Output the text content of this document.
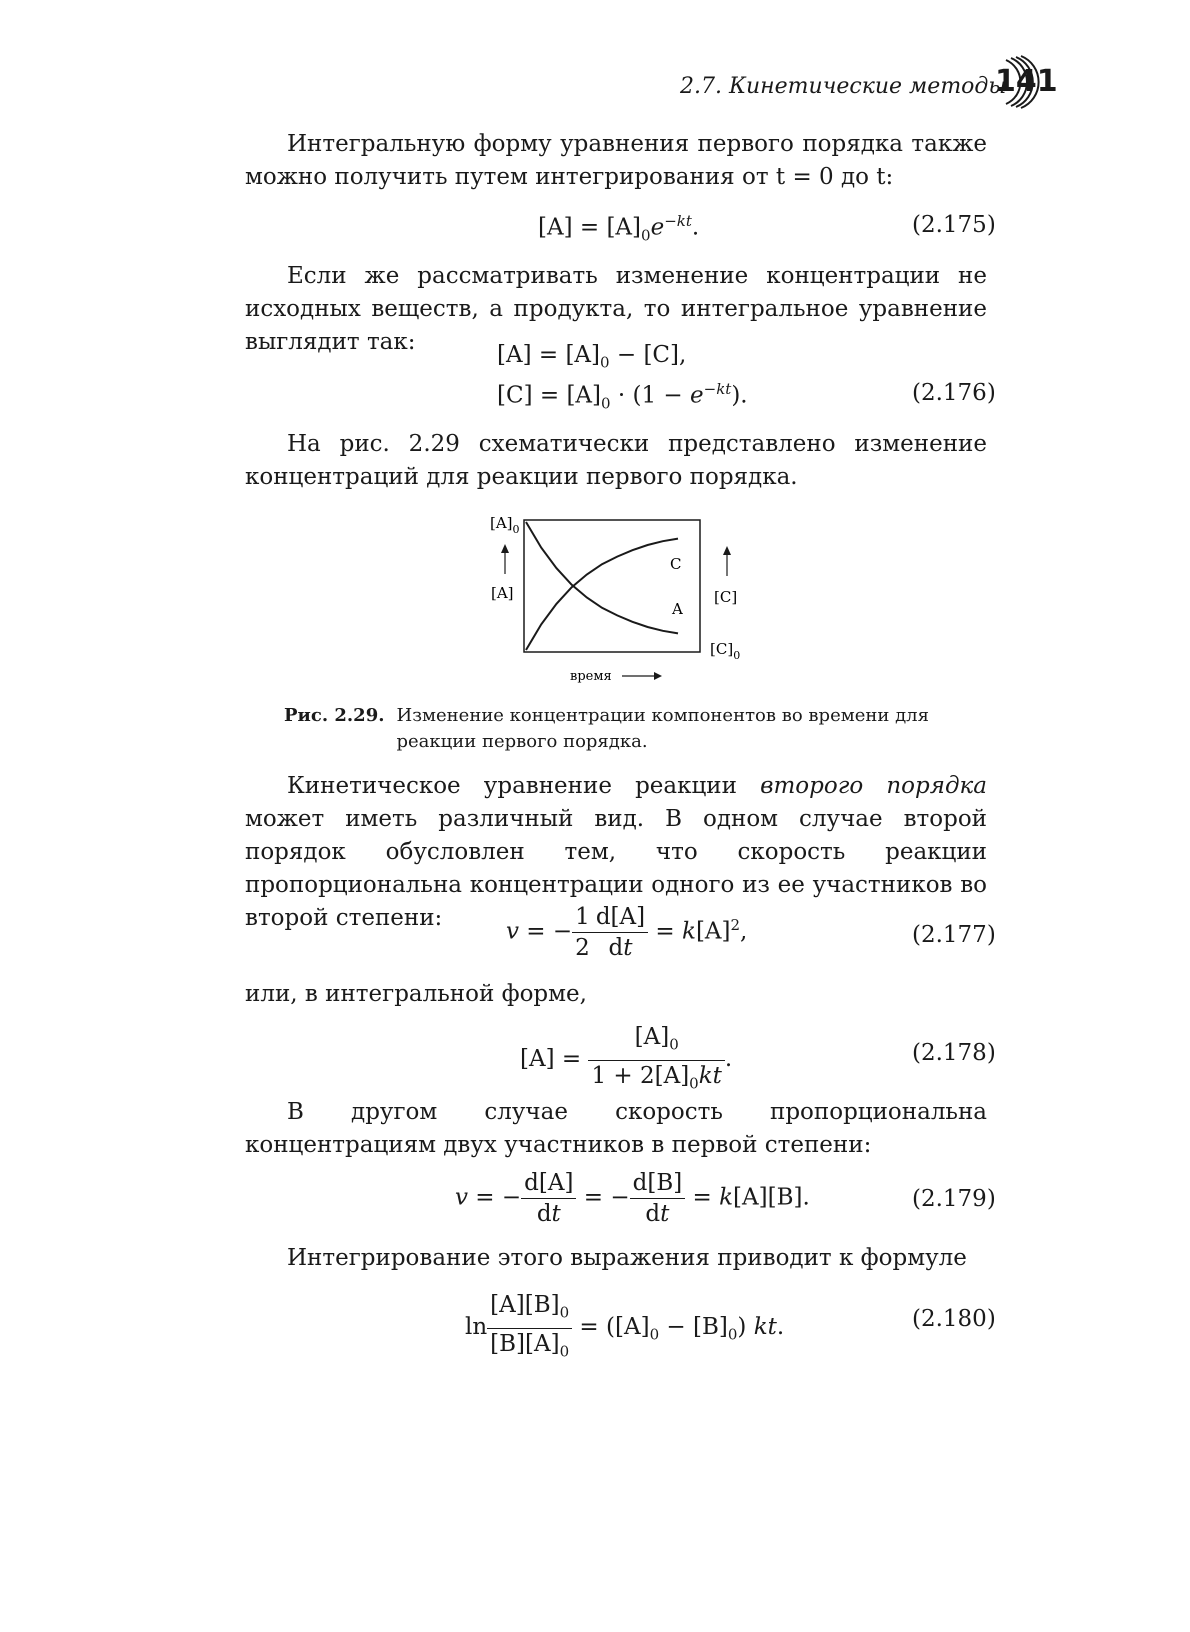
2.7. Кинетические методы
141
Интегральную форму уравнения первого порядка также можно получить путем интегрирования от t = 0 до t:
$[A] = [A]_0e^{-kt}$.	(2.175)
Если же рассматривать изменение концентрации не исходных веществ, а продукта, то интегральное уравнение выглядит так:	$[A] = [A]_0 - [C]$,
$[C] = [A]_0 \cdot (1 - e^{-kt})$.	(2.176)
На рис. 2.29 схематически представлено изменение концентраций для реакции первого порядка.
$[A]_0$
[A]
C
A
[C]
$[C]_0$
время
Рис. 2.29. Изменение концентрации компонентов во времени для реакции первого порядка.
Кинетическое уравнение реакции второго порядка может иметь различный вид. В одном случае второй порядок обусловлен тем, что скорость реакции пропорциональна концентрации одного из ее участников во второй степени:
v = − $\frac{1}{2} \frac{d[A]}{dt} = k[A]^2$,	(2.177)
или, в интегральной форме,
$[A] = \frac{[A]_0}{1 + 2[A]_0kt}$ .	(2.178)
В другом случае скорость пропорциональна концентрациям двух участников в первой степени:
v = − $\frac{d[A]}{dt}$ = − $\frac{d[B]}{dt} = k[A][B]$.	(2.179)
Интегрирование этого выражения приводит к формуле
$\ln \frac{[A][B]_0}{[B][A]_0} = ([A]_0 - [B]_0)$ kt.	(2.180)
